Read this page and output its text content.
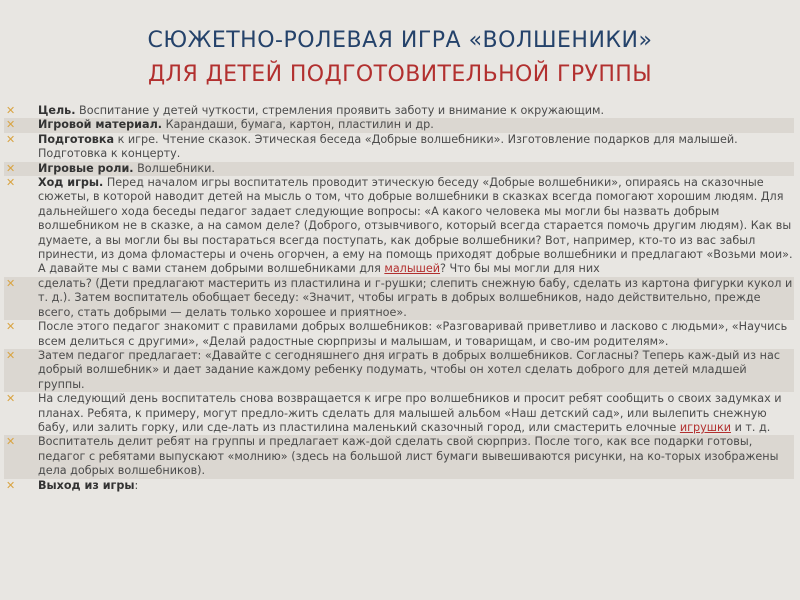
СЮЖЕТНО-РОЛЕВАЯ ИГРА «ВОЛШЕНИКИ»
ДЛЯ ДЕТЕЙ ПОДГОТОВИТЕЛЬНОЙ ГРУППЫ
✕ Цель. Воспитание у детей чуткости, стремления проявить заботу и внимание к окружающим.
✕ Игровой материал. Карандаши, бумага, картон, пластилин и др.
✕ Подготовка к игре. Чтение сказок. Этическая беседа «Добрые волшебники». Изготовление подарков для малышей. Подготовка к концерту.
✕ Игровые роли. Волшебники.
✕ Ход игры. Перед началом игры воспитатель проводит этическую беседу «Добрые волшебники», опираясь на сказочные сюжеты, в которой наводит детей на мысль о том, что добрые волшебники в сказках всегда помогают хорошим людям. Для дальнейшего хода беседы педагог задает следующие вопросы: «А какого человека мы могли бы назвать добрым волшебником не в сказке, а на самом деле? (Доброго, отзывчивого, который всегда старается помочь другим людям). Как вы думаете, а вы могли бы вы постараться всегда поступать, как добрые волшебники? Вот, например, кто-то из вас забыл принести, из дома фломастеры и очень огорчен, а ему на помощь приходят добрые волшебники и предлагают «Возьми мои». А давайте мы с вами станем добрыми волшебниками для малышей? Что бы мы могли для них
✕ сделать? (Дети предлагают мастерить из пластилина и г-рушки; слепить снежную бабу, сделать из картона фигурки кукол и т. д.). Затем воспитатель обобщает беседу: «Значит, чтобы играть в добрых волшебников, надо действительно, прежде всего, стать добрыми — делать только хорошее и приятное».
✕ После этого педагог знакомит с правилами добрых волшебников: «Разговаривай приветливо и ласково с людьми», «Научись всем делиться с другими», «Делай радостные сюрпризы и малышам, и товарищам, и сво-им родителям».
✕ Затем педагог предлагает: «Давайте с сегодняшнего дня играть в добрых волшебников. Согласны? Теперь каж-дый из нас добрый волшебник» и дает задание каждому ребенку подумать, чтобы он хотел сделать доброго для детей младшей группы.
✕ На следующий день воспитатель снова возвращается к игре про волшебников и просит ребят сообщить о своих задумках и планах. Ребята, к примеру, могут предло-жить сделать для малышей альбом «Наш детский сад», или вылепить снежную бабу, или залить горку, или сде-лать из пластилина маленький сказочный город, или смастерить елочные игрушки и т. д.
✕ Воспитатель делит ребят на группы и предлагает каж-дой сделать свой сюрприз. После того, как все подарки готовы, педагог с ребятами выпускают «молнию» (здесь на большой лист бумаги вывешиваются рисунки, на ко-торых изображены дела добрых волшебников).
✕ Выход из игры:
